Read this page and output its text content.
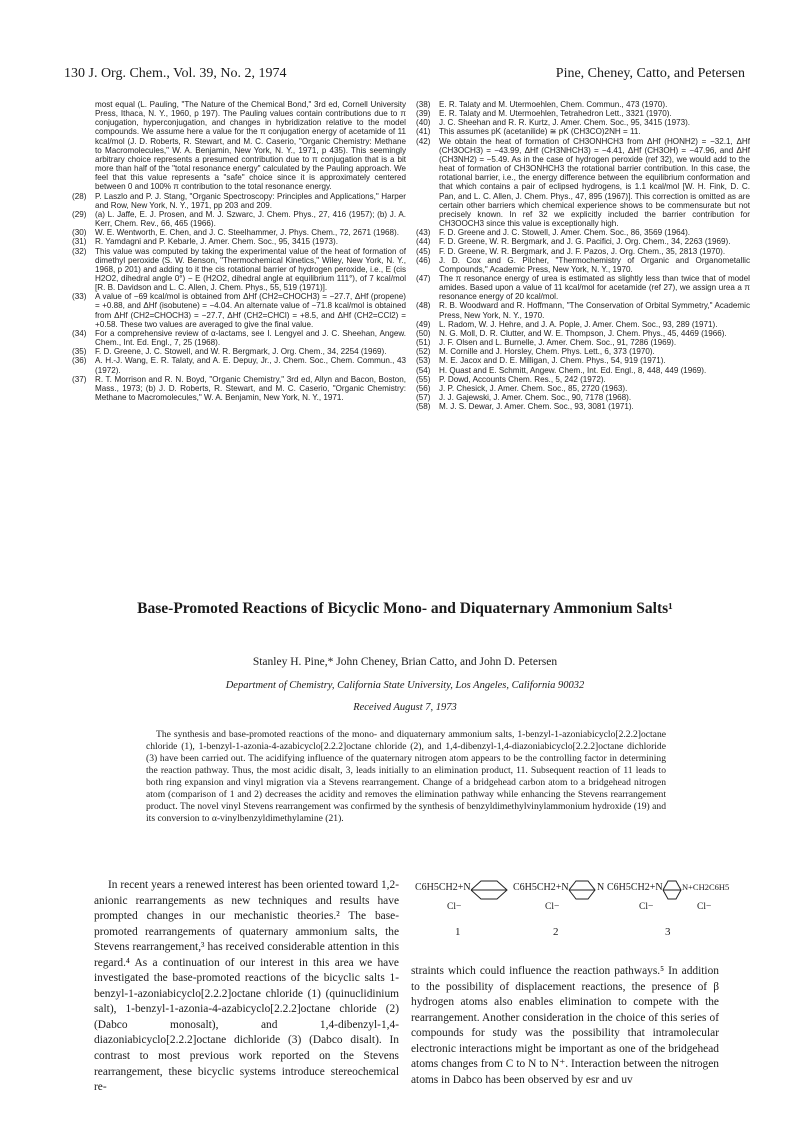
130 J. Org. Chem., Vol. 39, No. 2, 1974	Pine, Cheney, Catto, and Petersen
most equal (L. Pauling, "The Nature of the Chemical Bond," 3rd ed, Cornell University Press, Ithaca, N. Y., 1960, p 197). The Pauling values contain contributions due to π conjugation, hyperconjugation, and changes in hybridization relative to the model compounds. We assume here a value for the π conjugation energy of acetamide of 11 kcal/mol (J. D. Roberts, R. Stewart, and M. C. Caserio, "Organic Chemistry: Methane to Macromolecules," W. A. Benjamin, New York, N. Y., 1971, p 435). This seemingly arbitrary choice represents a presumed contribution due to π conjugation that is a bit more than half of the "total resonance energy" calculated by the Pauling approach. We feel that this value represents a "safe" choice since it is approximately centered between 0 and 100% π contribution to the total resonance energy.
(28) P. Laszlo and P. J. Stang, "Organic Spectroscopy: Principles and Applications," Harper and Row, New York, N. Y., 1971, pp 203 and 209.
(29) (a) L. Jaffe, E. J. Prosen, and M. J. Szwarc, J. Chem. Phys., 27, 416 (1957); (b) J. A. Kerr, Chem. Rev., 66, 465 (1966).
(30) W. E. Wentworth, E. Chen, and J. C. Steelhammer, J. Phys. Chem., 72, 2671 (1968).
(31) R. Yamdagni and P. Kebarle, J. Amer. Chem. Soc., 95, 3415 (1973).
(32) This value was computed by taking the experimental value of the heat of formation of dimethyl peroxide (S. W. Benson, "Thermochemical Kinetics," Wiley, New York, N. Y., 1968, p 201) and adding to it the cis rotational barrier of hydrogen peroxide, i.e., E (cis H2O2, dihedral angle 0°) − E (H2O2, dihedral angle at equilibrium 111°), of 7 kcal/mol [R. B. Davidson and L. C. Allen, J. Chem. Phys., 55, 519 (1971)].
(33) A value of −69 kcal/mol is obtained from ΔHf (CH2=CHOCH3) = −27.7, ΔHf (propene) = +0.88, and ΔHf (isobutene) = −4.04. An alternate value of −71.8 kcal/mol is obtained from ΔHf (CH2=CHOCH3) = −27.7, ΔHf (CH2=CHCl) = +8.5, and ΔHf (CH2=CCl2) = +0.58. These two values are averaged to give the final value.
(34) For a comprehensive review of α-lactams, see I. Lengyel and J. C. Sheehan, Angew. Chem., Int. Ed. Engl., 7, 25 (1968).
(35) F. D. Greene, J. C. Stowell, and W. R. Bergmark, J. Org. Chem., 34, 2254 (1969).
(36) A. H.-J. Wang, E. R. Talaty, and A. E. Depuy, Jr., J. Chem. Soc., Chem. Commun., 43 (1972).
(37) R. T. Morrison and R. N. Boyd, "Organic Chemistry," 3rd ed, Allyn and Bacon, Boston, Mass., 1973; (b) J. D. Roberts, R. Stewart, and M. C. Caserio, "Organic Chemistry: Methane to Macromolecules," W. A. Benjamin, New York, N. Y., 1971.
(38) E. R. Talaty and M. Utermoehlen, Chem. Commun., 473 (1970).
(39) E. R. Talaty and M. Utermoehlen, Tetrahedron Lett., 3321 (1970).
(40) J. C. Sheehan and R. R. Kurtz, J. Amer. Chem. Soc., 95, 3415 (1973).
(41) This assumes pK (acetanilide) ≅ pK (CH3CO)2NH = 11.
(42) We obtain the heat of formation of CH3ONHCH3 from ΔHf (HONH2) = −32.1, ΔHf (CH3OCH3) = −43.99, ΔHf (CH3NHCH3) = −4.41, ΔHf (CH3OH) = −47.96, and ΔHf (CH3NH2) = −5.49. As in the case of hydrogen peroxide (ref 32), we would add to the heat of formation of CH3ONHCH3 the rotational barrier contribution. In this case, the rotational barrier, i.e., the energy difference between the equilibrium conformation and that which contains a pair of eclipsed hydrogens, is 1.1 kcal/mol [W. H. Fink, D. C. Pan, and L. C. Allen, J. Chem. Phys., 47, 895 (1967)]. This correction is omitted as are certain other barriers which chemical experience shows to be commensurate but not precisely known. In ref 32 we explicitly included the barrier contribution for CH3OOCH3 since this value is exceptionally high.
(43) F. D. Greene and J. C. Stowell, J. Amer. Chem. Soc., 86, 3569 (1964).
(44) F. D. Greene, W. R. Bergmark, and J. G. Pacifici, J. Org. Chem., 34, 2263 (1969).
(45) F. D. Greene, W. R. Bergmark, and J. F. Pazos, J. Org. Chem., 35, 2813 (1970).
(46) J. D. Cox and G. Pilcher, "Thermochemistry of Organic and Organometallic Compounds," Academic Press, New York, N. Y., 1970.
(47) The π resonance energy of urea is estimated as slightly less than twice that of model amides. Based upon a value of 11 kcal/mol for acetamide (ref 27), we assign urea a π resonance energy of 20 kcal/mol.
(48) R. B. Woodward and R. Hoffmann, "The Conservation of Orbital Symmetry," Academic Press, New York, N. Y., 1970.
(49) L. Radom, W. J. Hehre, and J. A. Pople, J. Amer. Chem. Soc., 93, 289 (1971).
(50) N. G. Moll, D. R. Clutter, and W. E. Thompson, J. Chem. Phys., 45, 4469 (1966).
(51) J. F. Olsen and L. Burnelle, J. Amer. Chem. Soc., 91, 7286 (1969).
(52) M. Cornille and J. Horsley, Chem. Phys. Lett., 6, 373 (1970).
(53) M. E. Jacox and D. E. Milligan, J. Chem. Phys., 54, 919 (1971).
(54) H. Quast and E. Schmitt, Angew. Chem., Int. Ed. Engl., 8, 448, 449 (1969).
(55) P. Dowd, Accounts Chem. Res., 5, 242 (1972).
(56) J. P. Chesick, J. Amer. Chem. Soc., 85, 2720 (1963).
(57) J. J. Gajewski, J. Amer. Chem. Soc., 90, 7178 (1968).
(58) M. J. S. Dewar, J. Amer. Chem. Soc., 93, 3081 (1971).
Base-Promoted Reactions of Bicyclic Mono- and Diquaternary Ammonium Salts¹
Stanley H. Pine,* John Cheney, Brian Catto, and John D. Petersen
Department of Chemistry, California State University, Los Angeles, California 90032
Received August 7, 1973
The synthesis and base-promoted reactions of the mono- and diquaternary ammonium salts, 1-benzyl-1-azoniabicyclo[2.2.2]octane chloride (1), 1-benzyl-1-azonia-4-azabicyclo[2.2.2]octane chloride (2), and 1,4-dibenzyl-1,4-diazoniabicyclo[2.2.2]octane dichloride (3) have been carried out. The acidifying influence of the quaternary nitrogen atom appears to be the controlling factor in determining the reaction pathway. Thus, the most acidic disalt, 3, leads initially to an elimination product, 11. Subsequent reaction of 11 leads to both ring expansion and vinyl migration via a Stevens rearrangement. Change of a bridgehead carbon atom to a bridgehead nitrogen atom (comparison of 1 and 2) decreases the acidity and removes the elimination pathway while enhancing the Stevens rearrangement product. The novel vinyl Stevens rearrangement was confirmed by the synthesis of benzyldimethylvinylammonium hydroxide (19) and its conversion to α-vinylbenzyldimethylamine (21).
In recent years a renewed interest has been oriented toward 1,2-anionic rearrangements as new techniques and results have prompted changes in our mechanistic theories.² The base-promoted rearrangements of quaternary ammonium salts, the Stevens rearrangement,³ has received considerable attention in this regard.⁴ As a continuation of our interest in this area we have investigated the base-promoted reactions of the bicyclic salts 1-benzyl-1-azoniabicyclo[2.2.2]octane chloride (1) (quinuclidinium salt), 1-benzyl-1-azonia-4-azabicyclo[2.2.2]octane chloride (2) (Dabco monosalt), and 1,4-dibenzyl-1,4-diazoniabicyclo[2.2.2]octane dichloride (3) (Dabco disalt). In contrast to most previous work reported on the Stevens rearrangement, these bicyclic systems introduce stereochemical re-
C6H5CH2+N
Cl−
1
C6H5CH2+N	N
Cl−
2
C6H5CH2+N N+CH2C6H5
Cl−	Cl−
3
straints which could influence the reaction pathways.⁵ In addition to the possibility of displacement reactions, the presence of β hydrogen atoms also enables elimination to compete with the rearrangement. Another consideration in the choice of this series of compounds for study was the possibility that intramolecular electronic interactions might be important as one of the bridgehead atoms changes from C to N to N⁺. Interaction between the nitrogen atoms in Dabco has been observed by esr and uv
